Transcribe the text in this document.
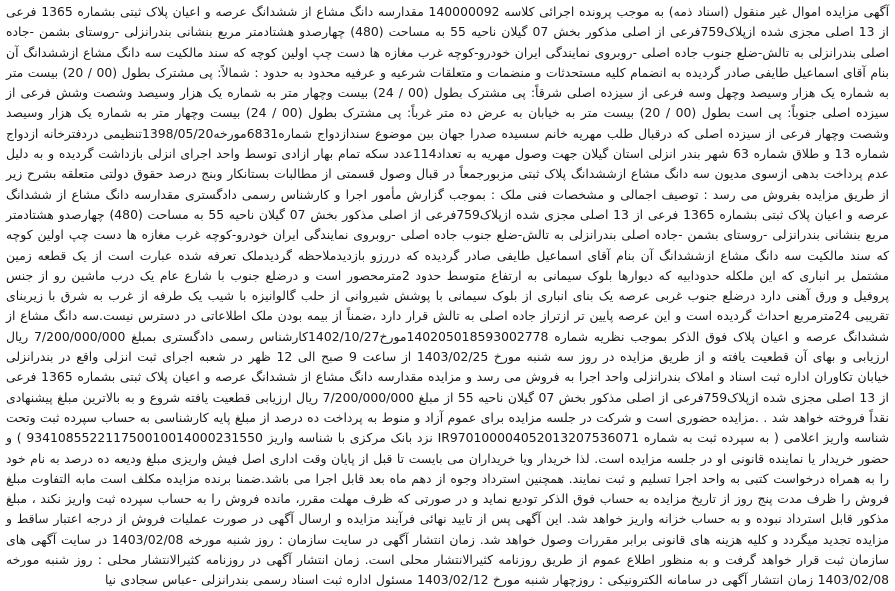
آگهی مزایده اموال غیر منقول (اسناد ذمه) به موجب پرونده اجرائی کلاسه 140000092 مقدارسه دانگ مشاع از ششدانگ عرصه و اعیان پلاک ثبتی بشماره 1365 فرعی از 13 اصلی مجزی شده ازپلاک759فرعی از اصلی مذکور بخش 07 گیلان ناحیه 55 به مساحت (480) چهارصدو هشتادمتر مربع بنشانی بندرانزلی -روستای بشمن -جاده اصلی بندرانزلی به تالش-ضلع جنوب جاده اصلی -روبروی نمایندگی ایران خودرو-کوچه غرب مغازه ها دست چپ اولین کوچه که سند مالکیت سه دانگ مشاع ازششدانگ آن بنام آقای اسماعیل طایفی صادر گردیده به انضمام کلیه مستحدثات و منضمات و متعلقات شرعیه و عرفیه محدود به حدود : شمالاً: پی مشترک بطول (00 / 20) بیست متر به شماره یک هزار وسیصد وچهل وسه فرعی از سیزده اصلی شرقاً: پی مشترک بطول (00 / 24) بیست وچهار متر به شماره یک هزار وسیصد وشصت وشش فرعی از سیزده اصلی جنوباً: پی است بطول (00 / 20) بیست متر به خیابان به عرض ده متر غرباً: پی مشترک بطول (00 / 24) بیست وچهار متر به شماره یک هزار وسیصد وشصت وچهار فرعی از سیزده اصلی که درقبال طلب مهریه خانم سسیده صدرا جهان بین موضوع سندازدواج شماره6831مورخه1398/05/20تنظیمی دردفترخانه ازدواج شماره 13 و طلاق شماره 63 شهر بندر انزلی استان گیلان جهت وصول مهریه به تعداد114عدد سکه تمام بهار ازادی توسط واحد اجرای انزلی بازداشت گردیده و به دلیل عدم پرداخت بدهی ازسوی مدیون سه دانگ مشاع ازششدانگ پلاک ثبتی مزبورجمعاً در قبال وصول قسمتی از مطالبات بستانکار وبنج درصد حقوق دولتی متعلقه بشرح زیر از طریق مزایده بفروش می رسد : توصیف اجمالی و مشخصات فنی ملک : بموجب گزارش مأمور اجرا و کارشناس رسمی دادگستری مقدارسه دانگ مشاع از ششدانگ عرصه و اعیان پلاک ثبتی بشماره 1365 فرعی از 13 اصلی مجزی شده ازپلاک759فرعی از اصلی مذکور بخش 07 گیلان ناحیه 55 به مساحت (480) چهارصدو هشتادمتر مربع بنشانی بندرانزلی -روستای بشمن -جاده اصلی بندرانزلی به تالش-ضلع جنوب جاده اصلی -روبروی نمایندگی ایران خودرو-کوچه غرب مغازه ها دست چپ اولین کوچه که سند مالکیت سه دانگ مشاع ازششدانگ آن بنام آقای اسماعیل طایفی صادر گردیده که دررزو بازدیدملاحظه گردیدملک تعرفه شده عبارت است از یک قطعه زمین مشتمل بر انباری که این ملکله حدودابیه که دیوارها بلوک سیمانی به ارتفاع متوسط حدود 2مترمحصور است و درضلع جنوب با شارع عام یک درب ماشین رو از جنس پروفیل و ورق آهنی دارد درضلع جنوب غربی عرصه یک بنای انباری از بلوک سیمانی با پوشش شیروانی از حلب گالوانیزه با شیب یک طرفه از غرب به شرق با زیربنای تقریبی 24مترمربع احداث گردیده است و این عرصه پایین تر ازتراز جاده اصلی به تالش قرار دارد ،ضمناً از بیمه بودن ملک اطلاعاتی در دسترس نیست.سه دانگ مشاع از ششدانگ عرصه و اعیان پلاک فوق الذکر بموجب نظریه شماره 140205018593002778مورخ1402/10/27کارشناس رسمی دادگستری بمبلغ 7/200/000/000 ریال ارزیابی و بهای آن قطعیت یافته و از طریق مزایده در روز سه شنبه مورخ 1403/02/25 از ساعت 9 صبح الی 12 ظهر در شعبه اجرای ثبت انزلی واقع در بندرانزلی خیابان تکاوران اداره ثبت اسناد و املاک بندرانزلی واحد اجرا به فروش می رسد و مزایده مقدارسه دانگ مشاع از ششدانگ عرصه و اعیان پلاک ثبتی بشماره 1365 فرعی از 13 اصلی مجزی شده ازپلاک759فرعی از اصلی مذکور بخش 07 گیلان ناحیه 55 از مبلغ 7/200/000/000 ریال ارزیابی قطعیت یافته شروع و به بالاترین مبلغ پیشنهادی نقداً فروخته خواهد شد . .مزایده حضوری است و شرکت در جلسه مزایده برای عموم آزاد و منوط به پرداخت ده درصد از مبلغ پایه کارشناسی به حساب سپرده ثبت وتحت شناسه واریز اعلامی ( به سپرده ثبت به شماره IR970100004052013207536071 نزد بانک مرکزی با شناسه واریز 934108552211750010014000231550 ) و حضور خریدار یا نماینده قانونی او در جلسه مزایده است. لذا خریدار ویا خریداران می بایست تا قبل از پایان وقت اداری اصل فیش واریزی مبلغ ودیعه ده درصد به نام خود را به همراه درخواست کتبی به واحد اجرا تسلیم و ثبت نمایند. همچنین استرداد وجوه از دهم ماه بعد قابل اجرا می باشد.ضمنا برنده مزایده مکلف است مابه التفاوت مبلغ فروش را ظرف مدت پنج روز از تاریخ مزایده به حساب فوق الذکر تودیع نماید و در صورتی که ظرف مهلت مقرر، مانده فروش را به حساب سپرده ثبت واریز نکند ، مبلغ مذکور قابل استرداد نبوده و به حساب خزانه واریز خواهد شد. این آگهی پس از تایید نهائی فرآیند مزایده و ارسال آگهی در صورت عملیات فروش از درجه اعتبار ساقط و مزایده تجدید میگردد و کلیه هزینه های قانونی برابر مقررات وصول خواهد شد. زمان انتشار آگهی در سایت سازمان : روز شنبه مورخه 1403/02/08 در سایت آگهی های سازمان ثبت قرار خواهد گرفت و به منظور اطلاع عموم از طریق روزنامه کثیرالانتشار محلی است. زمان انتشار آگهی در روزنامه کثیرالانتشار محلی : روز شنبه مورخه 1403/02/08 زمان انتشار آگهی در سامانه الکترونیکی : روزچهار شنبه مورخ 1403/02/12 مسئول اداره ثبت اسناد رسمی بندرانزلی -عباس سجادی نیا
